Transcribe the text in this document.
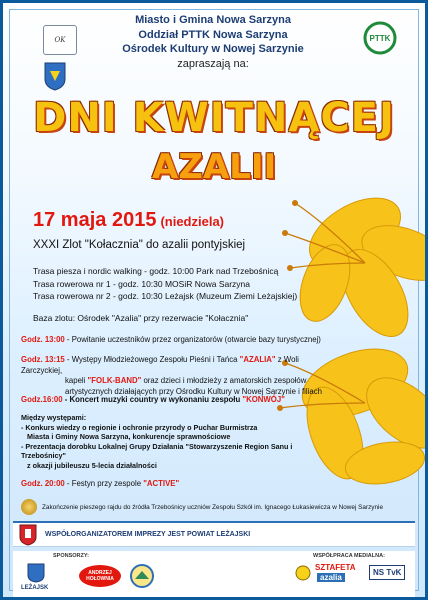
OK	PTTK
Miasto i Gmina Nowa Sarzyna
Oddział PTTK Nowa Sarzyna
Ośrodek Kultury w Nowej Sarzynie
zapraszają na:
DNI KWITNĄCEJ
AZALII
17 maja 2015 (niedziela)
XXXI Zlot "Kołacznia" do azalii pontyjskiej
Trasa piesza i nordic walking - godz. 10:00 Park nad Trzebośnicą
Trasa rowerowa nr 1 - godz. 10:30 MOSiR Nowa Sarzyna
Trasa rowerowa nr 2 - godz. 10:30 Leżajsk (Muzeum Ziemi Leżajskiej)
Baza zlotu: Ośrodek "Azalia" przy rezerwacie "Kołacznia"
Godz. 13:00 - Powitanie uczestników przez organizatorów (otwarcie bazy turystycznej)
Godz. 13:15 - Występy Młodzieżowego Zespołu Pieśni i Tańca "AZALIA" z Woli Zarczyckiej,
kapeli "FOLK-BAND" oraz dzieci i młodzieży z amatorskich zespołów
artystycznych działających przy Ośrodku Kultury w Nowej Sarzynie i filiach
Godz.16:00 - Koncert muzyki country w wykonaniu zespołu "KONWÓJ"
Między występami:
- Konkurs wiedzy o regionie i ochronie przyrody o Puchar Burmistrza
Miasta i Gminy Nowa Sarzyna, konkurencje sprawnościowe
- Prezentacja dorobku Lokalnej Grupy Działania "Stowarzyszenie Region Sanu i Trzebośnicy"
z okazji jubileuszu 5-lecia działalności
Godz. 20:00 - Festyn przy zespole "ACTIVE"
Zakończenie pieszego rajdu do źródła Trzebośnicy uczniów Zespołu Szkół im. Ignacego Łukasiewicza w Nowej Sarzynie
WSPÓŁORGANIZATOREM IMPREZY JEST POWIAT LEŻAJSKI
SPONSORZY:	WSPÓŁPRACA MEDIALNA:
LEŻAJSK
ANDRZEJ HOŁOWNIA
SZTAFETA
azalia
NS TvK
